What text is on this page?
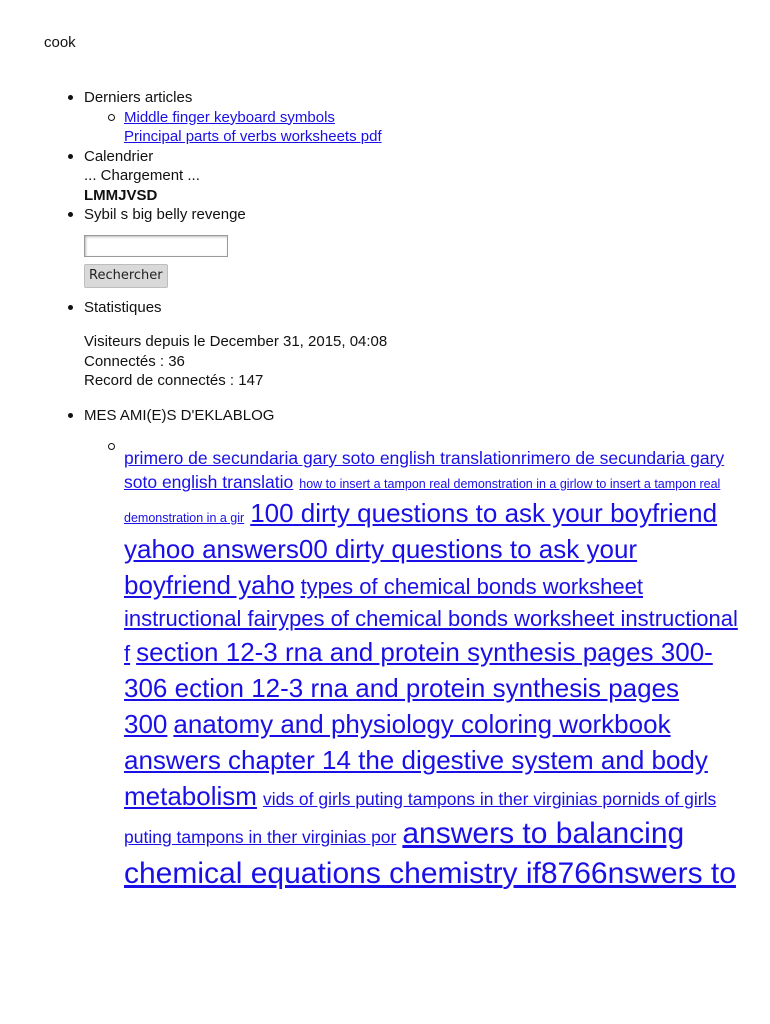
cook
Derniers articles
Middle finger keyboard symbols
Principal parts of verbs worksheets pdf
Calendrier
... Chargement ...
LMMJVSD
Sybil s big belly revenge
Rechercher
Statistiques
Visiteurs depuis le December 31, 2015, 04:08
Connectés : 36
Record de connectés : 147
MES AMI(E)S D'EKLABLOG
primero de secundaria gary soto english translationrimero de secundaria gary soto english translatio how to insert a tampon real demonstration in a girlow to insert a tampon real demonstration in a gir 100 dirty questions to ask your boyfriend yahoo answers00 dirty questions to ask your boyfriend yaho types of chemical bonds worksheet instructional fairypes of chemical bonds worksheet instructional f section 12-3 rna and protein synthesis pages 300-306 ection 12-3 rna and protein synthesis pages 300 anatomy and physiology coloring workbook answers chapter 14 the digestive system and body metabolism vids of girls puting tampons in ther virginias pornids of girls puting tampons in ther virginias por answers to balancing chemical equations chemistry if8766nswers to
